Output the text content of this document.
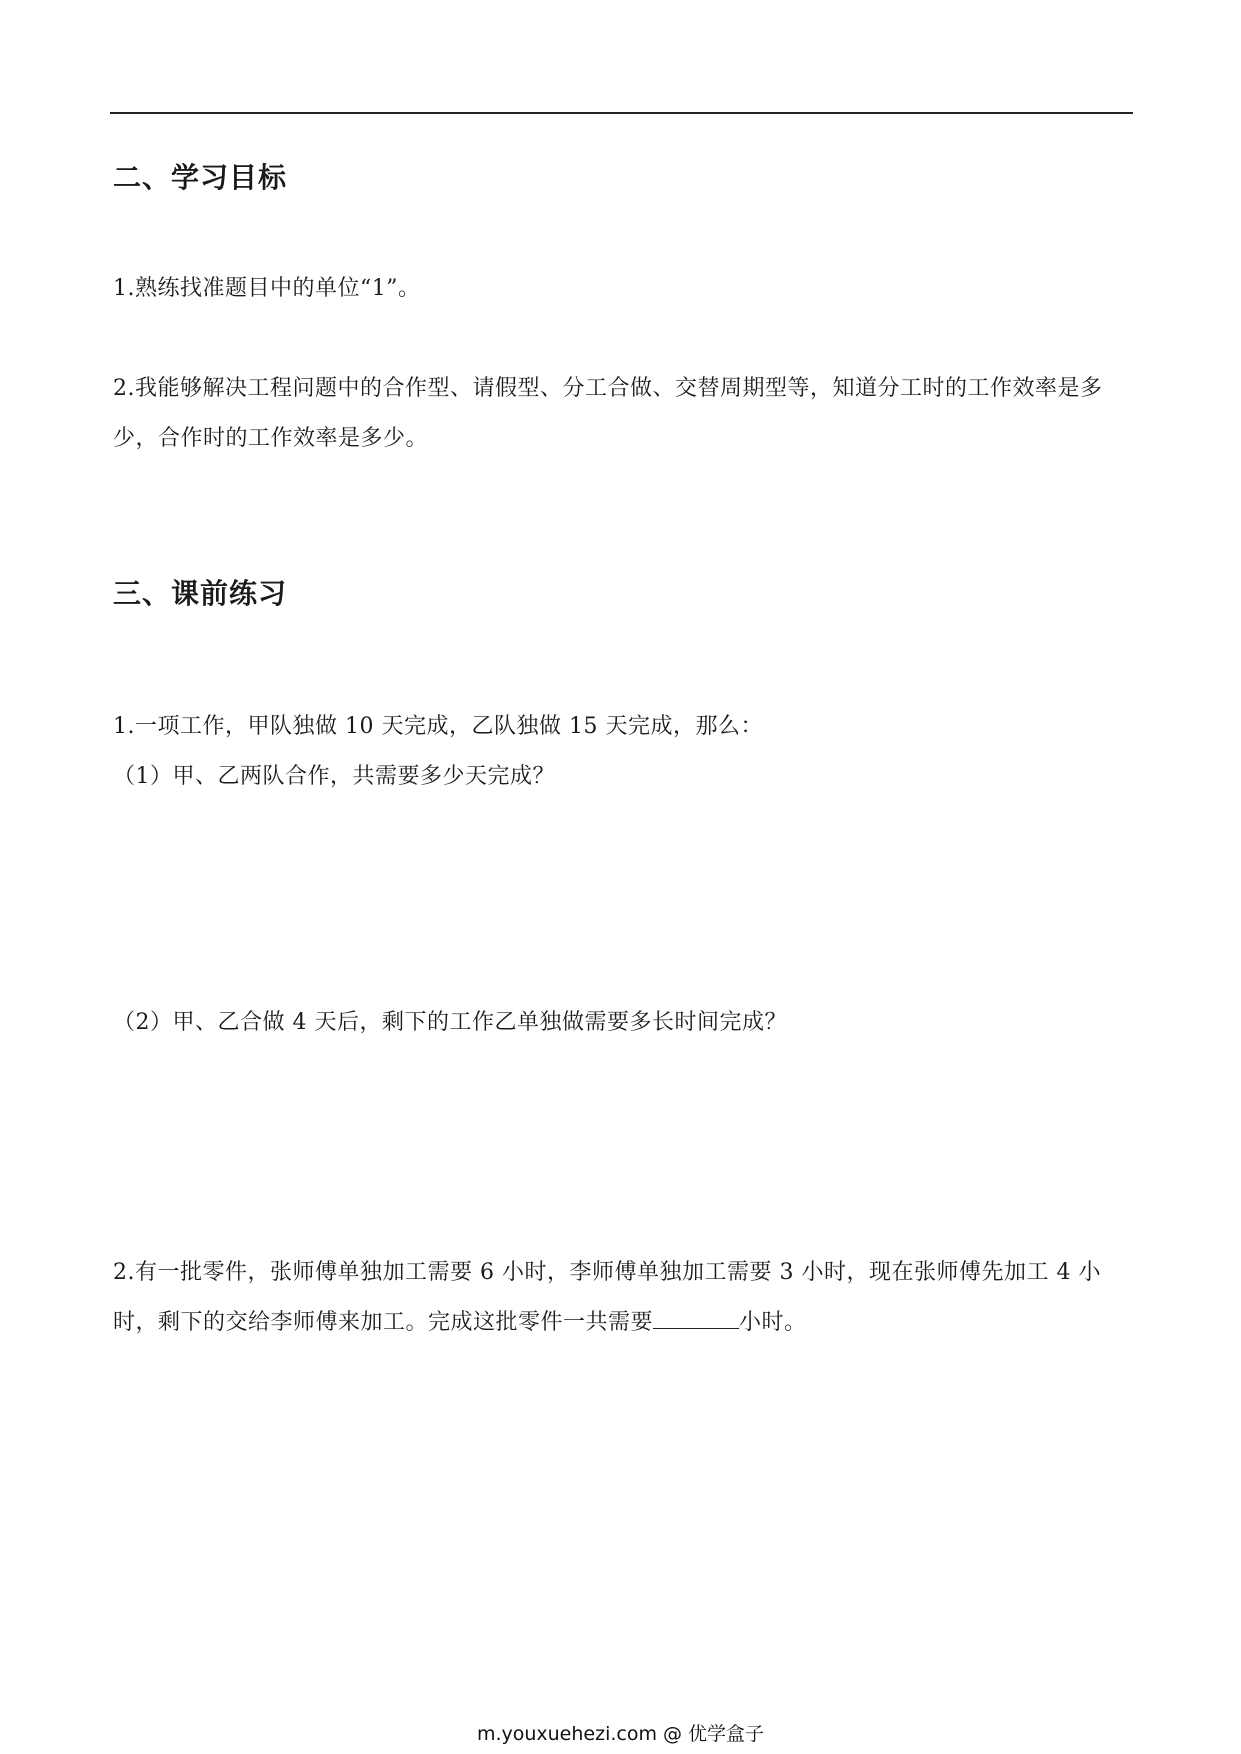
二、学习目标

1.熟练找准题目中的单位“1”。

2.我能够解决工程问题中的合作型、请假型、分工合做、交替周期型等，知道分工时的工作效率是多少，合作时的工作效率是多少。

三、课前练习

1.一项工作，甲队独做 10 天完成，乙队独做 15 天完成，那么：

（1）甲、乙两队合作，共需要多少天完成？

（2）甲、乙合做 4 天后，剩下的工作乙单独做需要多长时间完成？

2.有一批零件，张师傅单独加工需要 6 小时，李师傅单独加工需要 3 小时，现在张师傅先加工 4 小时，剩下的交给李师傅来加工。完成这批零件一共需要	小时。

m.youxuehezi.com @ 优学盒子
